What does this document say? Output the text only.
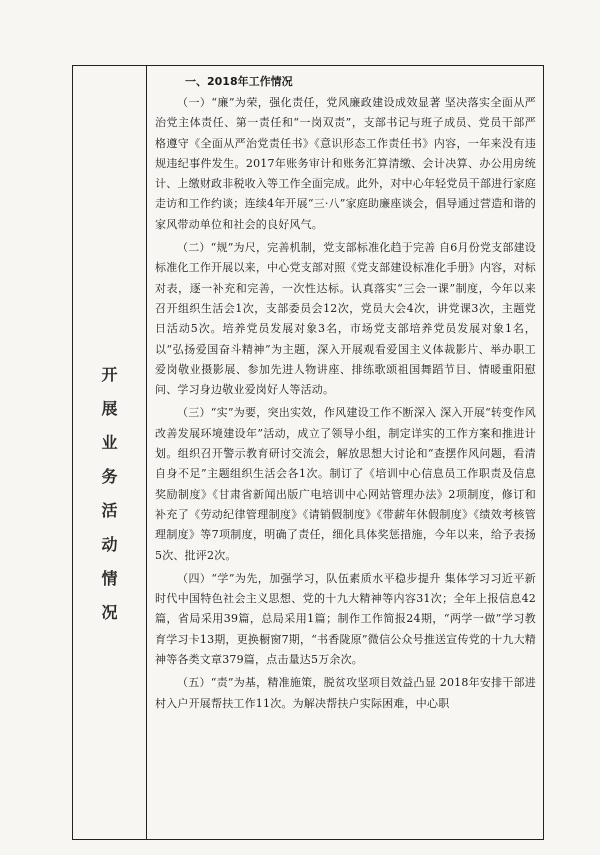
开
展
业
务
活
动
情
况
一、2018年工作情况

（一）“廉”为荣，强化责任，党风廉政建设成效显著 坚决落实全面从严治党主体责任、第一责任和“一岗双责”，支部书记与班子成员、党员干部严格遵守《全面从严治党责任书》《意识形态工作责任书》内容，一年来没有违规违纪事件发生。2017年账务审计和账务汇算清缴、会计决算、办公用房统计、上缴财政非税收入等工作全面完成。此外，对中心年轻党员干部进行家庭走访和工作约谈；连续4年开展“三·八”家庭助廉座谈会，倡导通过营造和谐的家风带动单位和社会的良好风气。

（二）“规”为尺，完善机制，党支部标准化趋于完善 自6月份党支部建设标准化工作开展以来，中心党支部对照《党支部建设标准化手册》内容，对标对表，逐一补充和完善，一次性达标。认真落实“三会一课”制度，今年以来召开组织生活会1次，支部委员会12次，党员大会4次，讲党课3次，主题党日活动5次。培养党员发展对象3名，市场党支部培养党员发展对象1名，以“弘扬爱国奋斗精神”为主题，深入开展观看爱国主义体裁影片、举办职工爱岗敬业摄影展、参加先进人物讲座、排练歌颂祖国舞蹈节目、情暖重阳慰问、学习身边敬业爱岗好人等活动。

（三）“实”为要，突出实效，作风建设工作不断深入 深入开展“转变作风改善发展环境建设年”活动，成立了领导小组，制定详实的工作方案和推进计划。组织召开警示教育研讨交流会，解放思想大讨论和“查摆作风问题，看清自身不足”主题组织生活会各1次。制订了《培训中心信息员工作职责及信息奖励制度》《甘肃省新闻出版广电培训中心网站管理办法》2项制度，修订和补充了《劳动纪律管理制度》《请销假制度》《带薪年休假制度》《绩效考核管理制度》等7项制度，明确了责任，细化具体奖惩措施，今年以来，给予表扬5次、批评2次。

（四）“学”为先，加强学习，队伍素质水平稳步提升 集体学习习近平新时代中国特色社会主义思想、党的十九大精神等内容31次；全年上报信息42篇，省局采用39篇，总局采用1篇；制作工作简报24期，“两学一做”学习教育学习卡13期，更换橱窗7期，“书香陇原”微信公众号推送宣传党的十九大精神等各类文章379篇，点击量达5万余次。

（五）“责”为基，精准施策，脱贫攻坚项目效益凸显 2018年安排干部进村入户开展帮扶工作11次。为解决帮扶户实际困难，中心职
